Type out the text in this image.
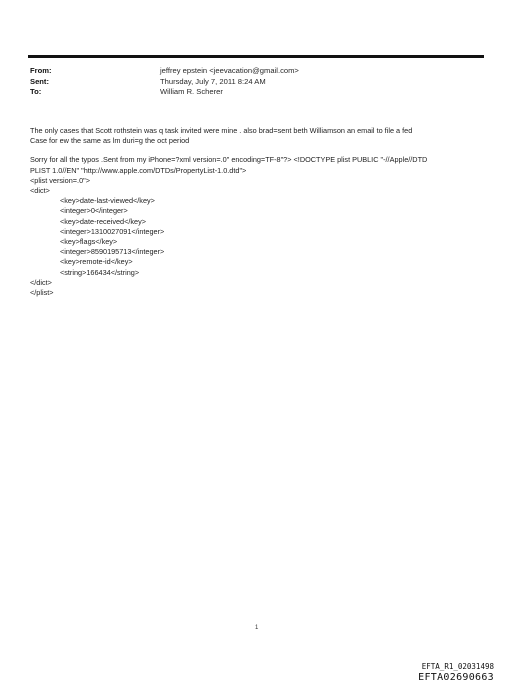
From:	jeffrey epstein <jeevacation@gmail.com>
Sent:	Thursday, July 7, 2011 8:24 AM
To:	William R. Scherer
The only cases that Scott rothstein was q task invited were mine . also brad=sent beth Williamson an email to file a fed
Case for ew the same as lm duri=g the oct period
Sorry for all the typos .Sent from my iPhone=?xml version=.0" encoding=TF-8"?> <!DOCTYPE plist PUBLIC "-//Apple//DTD
PLIST 1.0//EN" "http://www.apple.com/DTDs/PropertyList-1.0.dtd">
<plist version=.0">
<dict>
<key>date-last-viewed</key>
<integer>0</integer>
<key>date-received</key>
<integer>1310027091</integer>
<key>flags</key>
<integer>8590195713</integer>
<key>remote-id</key>
<string>166434</string>
</dict>
</plist>
1
EFTA_R1_02031498
EFTA02690663
